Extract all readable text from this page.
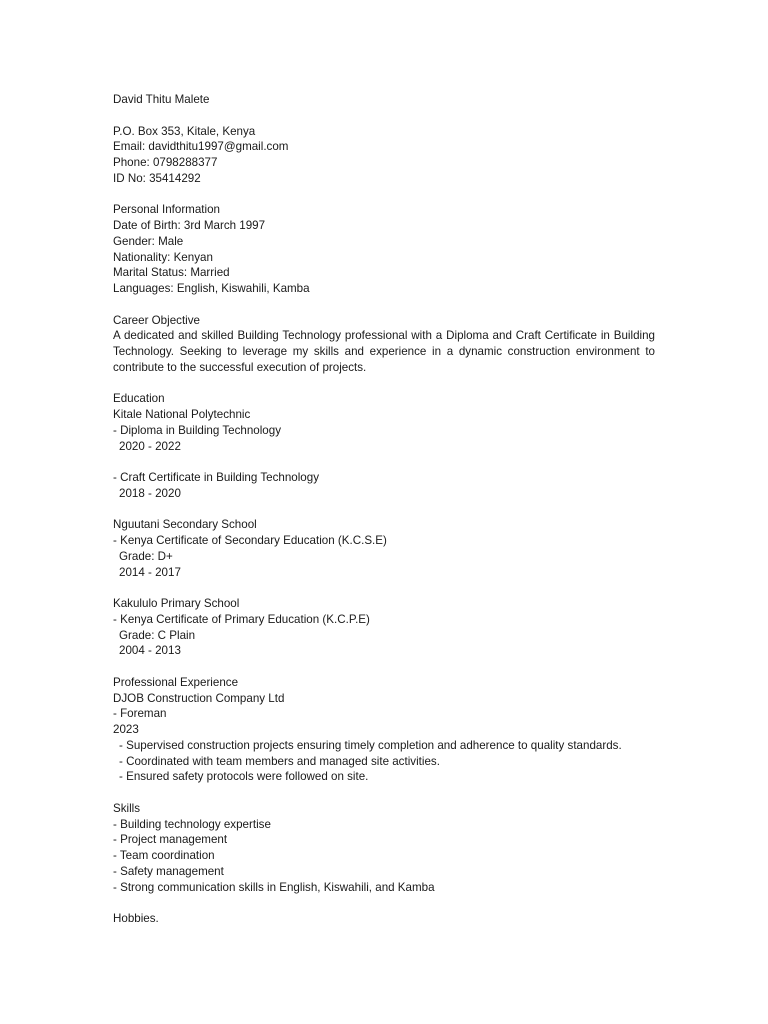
David Thitu Malete
P.O. Box 353, Kitale, Kenya
Email: davidthitu1997@gmail.com
Phone: 0798288377
ID No: 35414292
Personal Information
Date of Birth: 3rd March 1997
Gender: Male
Nationality: Kenyan
Marital Status: Married
Languages: English, Kiswahili, Kamba
Career Objective
A dedicated and skilled Building Technology professional with a Diploma and Craft Certificate in Building Technology. Seeking to leverage my skills and experience in a dynamic construction environment to contribute to the successful execution of projects.
Education
Kitale National Polytechnic
- Diploma in Building Technology
2020 - 2022
- Craft Certificate in Building Technology
2018 - 2020
Nguutani Secondary School
- Kenya Certificate of Secondary Education (K.C.S.E)
Grade: D+
2014 - 2017
Kakululo Primary School
- Kenya Certificate of Primary Education (K.C.P.E)
Grade: C Plain
2004 - 2013
Professional Experience
DJOB Construction Company Ltd
- Foreman
2023
- Supervised construction projects ensuring timely completion and adherence to quality standards.
- Coordinated with team members and managed site activities.
- Ensured safety protocols were followed on site.
Skills
- Building technology expertise
- Project management
- Team coordination
- Safety management
- Strong communication skills in English, Kiswahili, and Kamba
Hobbies.
